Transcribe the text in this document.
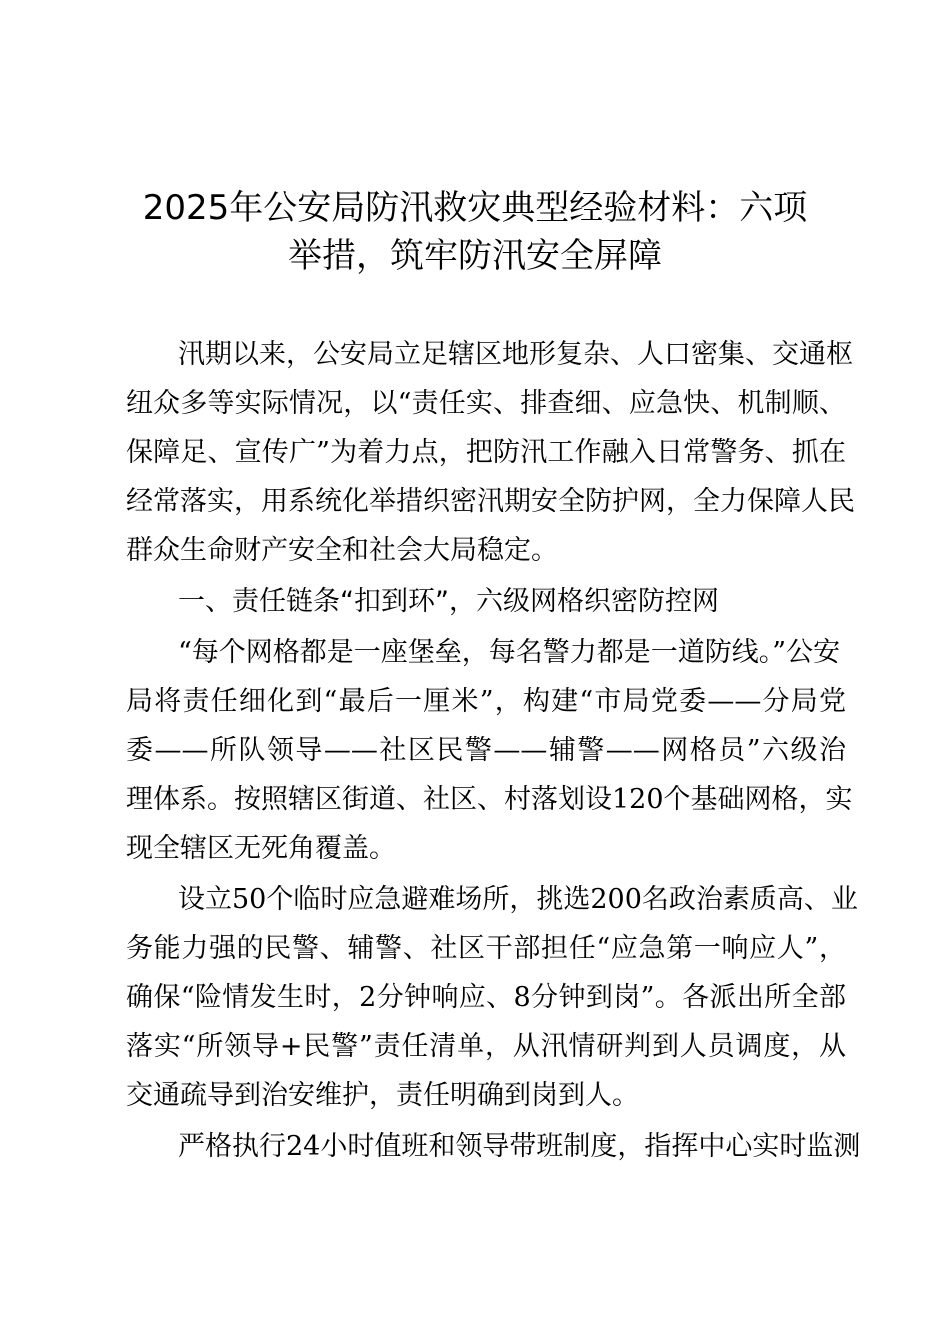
2025年公安局防汛救灾典型经验材料：六项
举措，筑牢防汛安全屏障

汛期以来，公安局立足辖区地形复杂、人口密集、交通枢

纽众多等实际情况，以“责任实、排查细、应急快、机制顺、

保障足、宣传广”为着力点，把防汛工作融入日常警务、抓在

经常落实，用系统化举措织密汛期安全防护网，全力保障人民

群众生命财产安全和社会大局稳定。

一、责任链条“扣到环”，六级网格织密防控网

“每个网格都是一座堡垒，每名警力都是一道防线。”公安

局将责任细化到“最后一厘米”，构建“市局党委——分局党

委——所队领导——社区民警——辅警——网格员”六级治

理体系。按照辖区街道、社区、村落划设120个基础网格，实

现全辖区无死角覆盖。

设立50个临时应急避难场所，挑选200名政治素质高、业

务能力强的民警、辅警、社区干部担任“应急第一响应人”，

确保“险情发生时，2分钟响应、8分钟到岗”。各派出所全部

落实“所领导+民警”责任清单，从汛情研判到人员调度，从

交通疏导到治安维护，责任明确到岗到人。

严格执行24小时值班和领导带班制度，指挥中心实时监测
